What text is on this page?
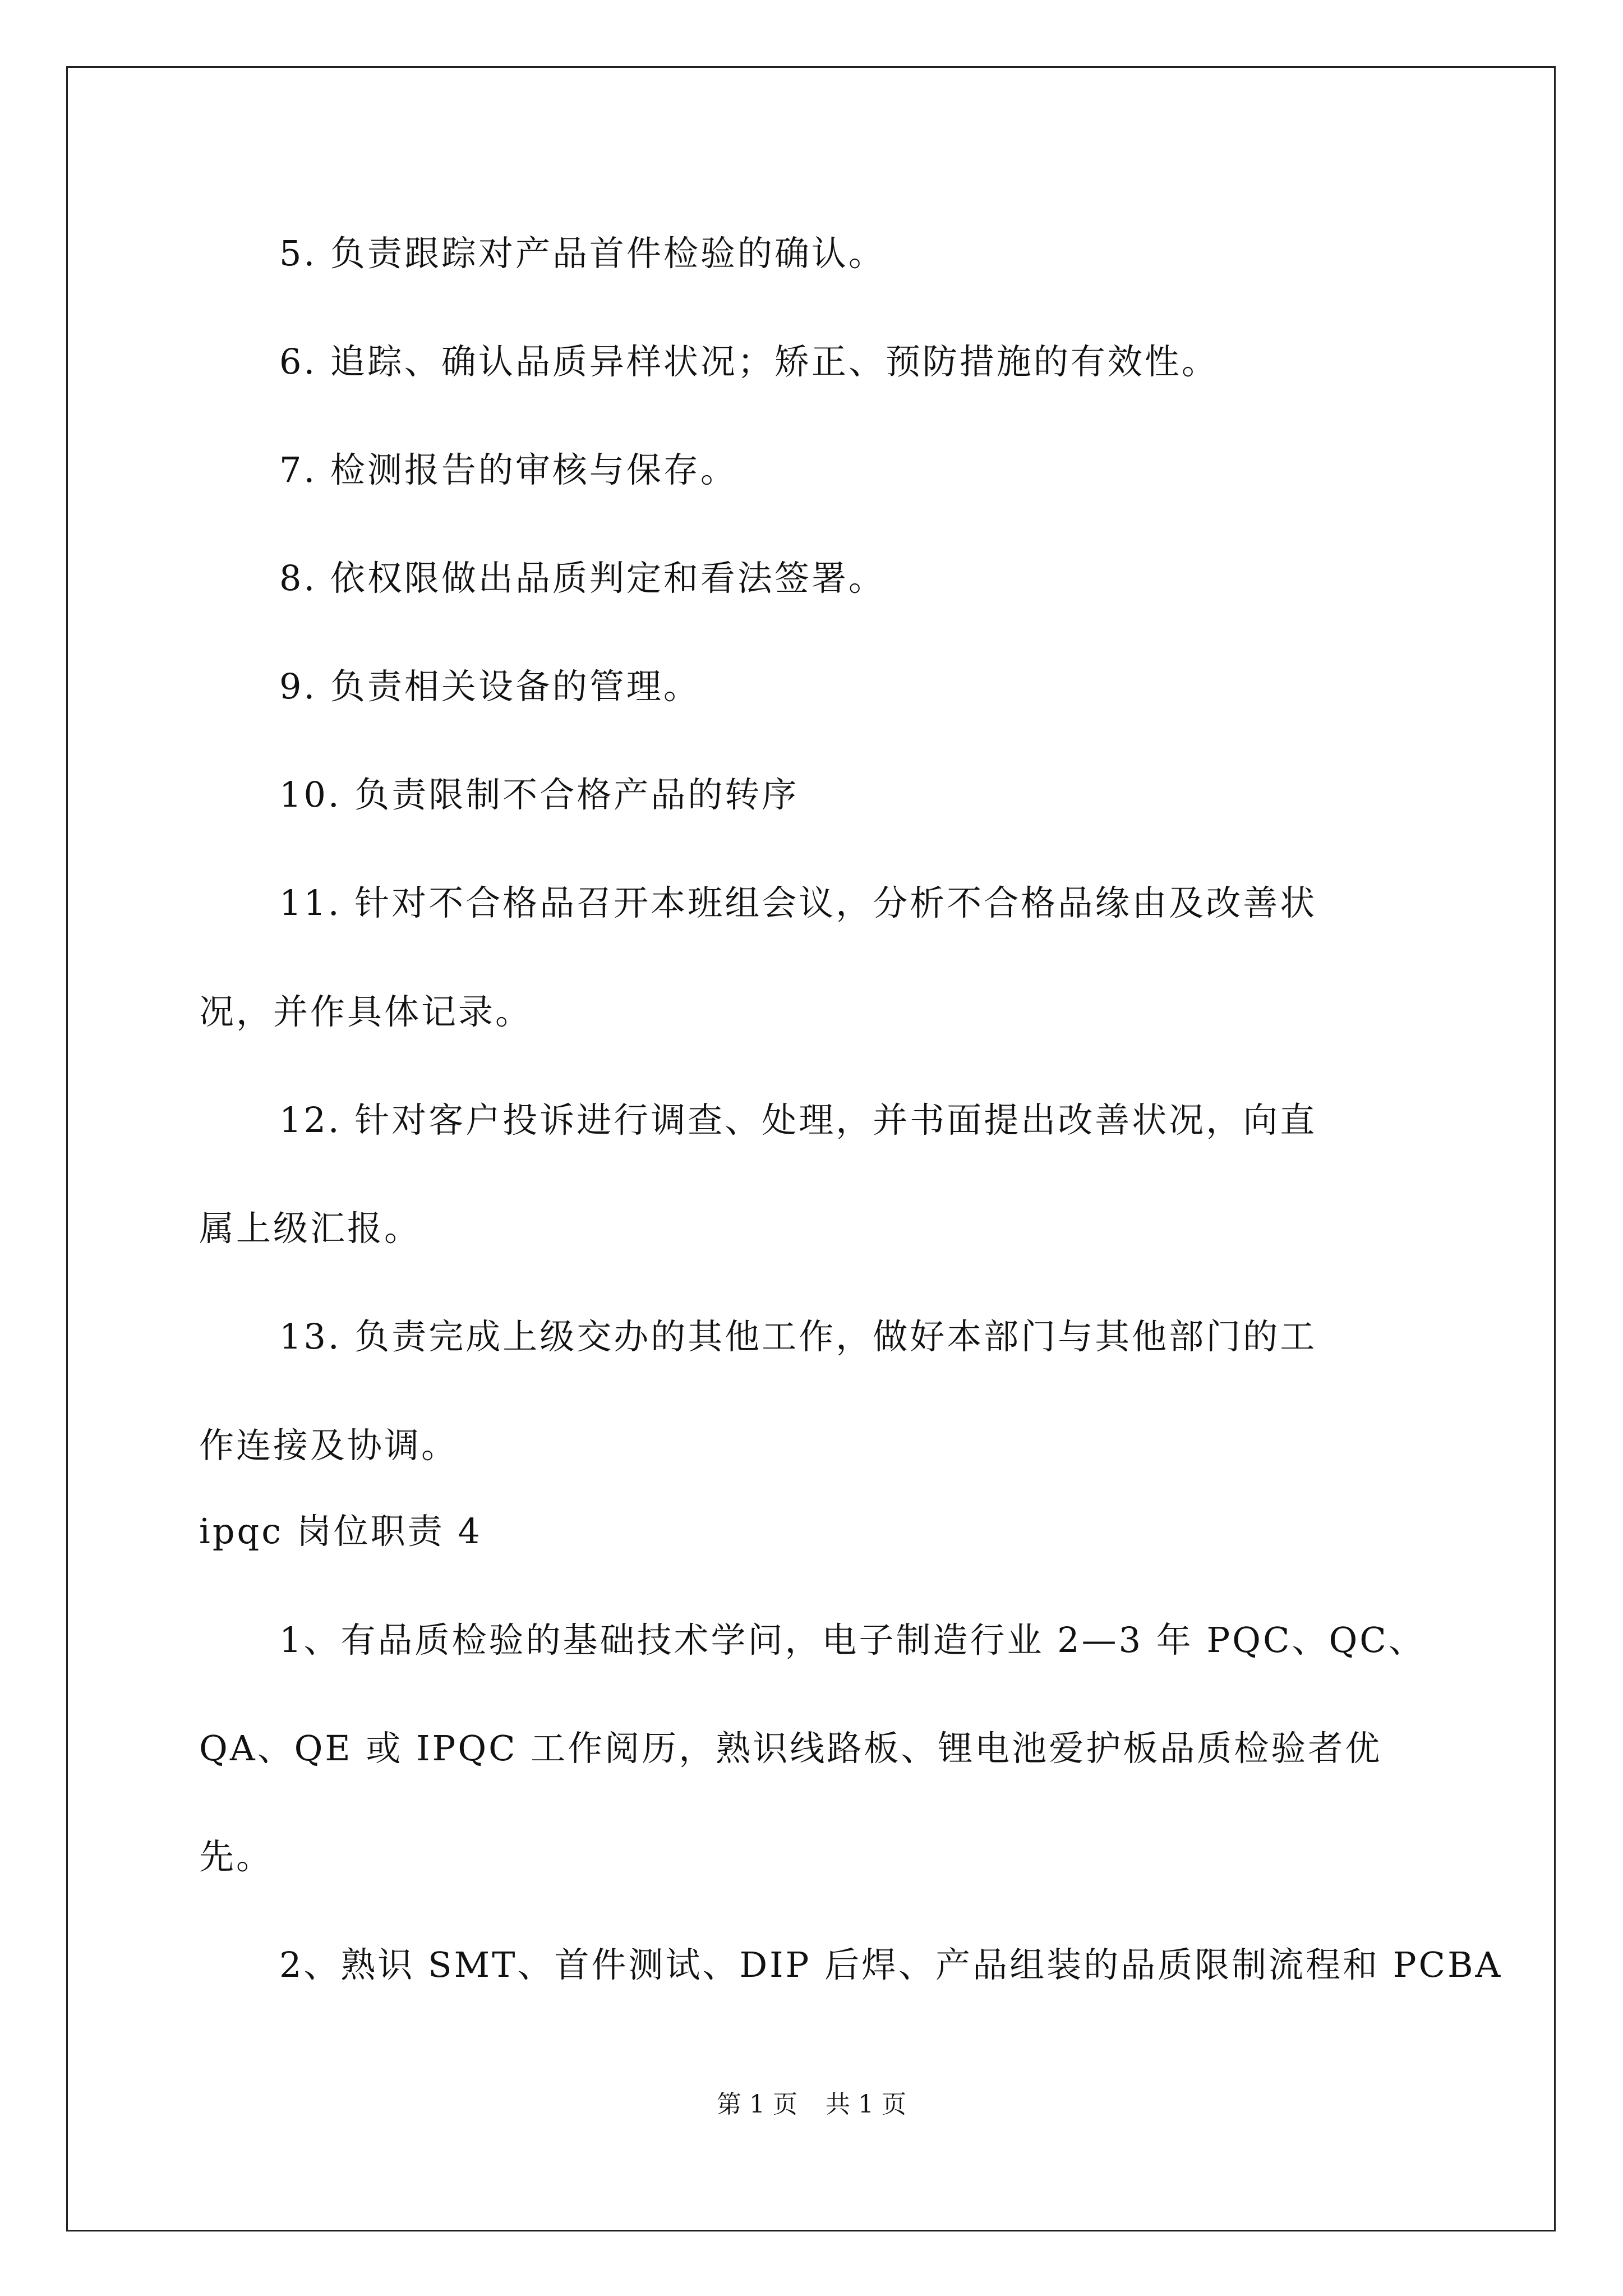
5. 负责跟踪对产品首件检验的确认。
6. 追踪、确认品质异样状况；矫正、预防措施的有效性。
7. 检测报告的审核与保存。
8. 依权限做出品质判定和看法签署。
9. 负责相关设备的管理。
10. 负责限制不合格产品的转序
11. 针对不合格品召开本班组会议，分析不合格品缘由及改善状
况，并作具体记录。
12. 针对客户投诉进行调查、处理，并书面提出改善状况，向直
属上级汇报。
13. 负责完成上级交办的其他工作，做好本部门与其他部门的工
作连接及协调。
ipqc 岗位职责 4
1、有品质检验的基础技术学问，电子制造行业 2—3 年 PQC、QC、
QA、QE 或 IPQC 工作阅历，熟识线路板、锂电池爱护板品质检验者优
先。
2、熟识 SMT、首件测试、DIP 后焊、产品组装的品质限制流程和 PCBA
第 1 页 共 1 页
